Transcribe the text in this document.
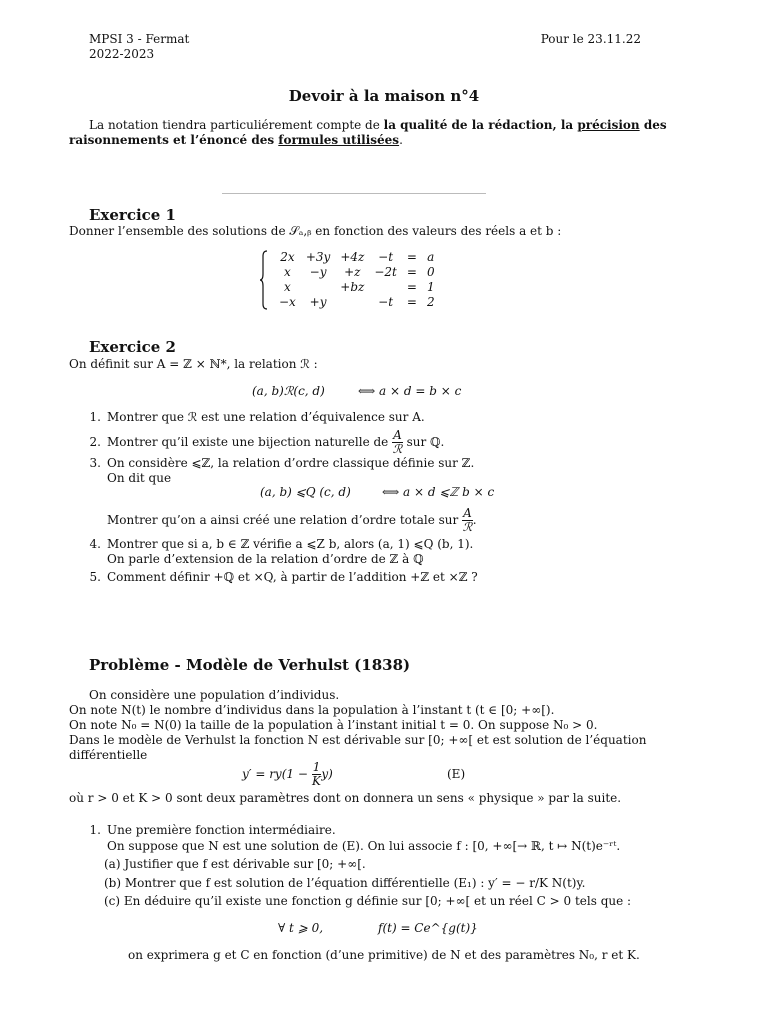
MPSI 3 - Fermat
2022-2023
Pour le 23.11.22
Devoir à la maison n°4
La notation tiendra particuliérement compte de la qualité de la rédaction, la précision des
raisonnements et l’énoncé des formules utilisées.
Exercice 1
Donner l’ensemble des solutions de 𝒮ₐ,ᵦ en fonction des valeurs des réels a et b :
2x	+3y	+4z	−t	=	a
x	−y	+z	−2t	=	0
x		+bz		=	1
−x	+y		−t	=	2
Exercice 2
On définit sur A = ℤ × ℕ*, la relation ℛ :
(a, b)ℛ(c, d)	⟺ a × d = b × c
1. Montrer que ℛ est une relation d’équivalence sur A.
2. Montrer qu’il existe une bijection naturelle de $\frac{A}{\text{ℛ}}$ sur ℚ.
3. On considère ⩽ℤ, la relation d’ordre classique définie sur ℤ.
On dit que
(a, b) ⩽Q (c, d)	⟺ a × d ⩽ℤ b × c
Montrer qu’on a ainsi créé une relation d’ordre totale sur $\frac{A}{\text{ℛ}}$ .
4. Montrer que si a, b ∈ ℤ vérifie a ⩽Z b, alors (a, 1) ⩽Q (b, 1).
On parle d’extension de la relation d’ordre de ℤ à ℚ
5. Comment définir +ℚ et ×Q, à partir de l’addition +ℤ et ×ℤ ?
Problème - Modèle de Verhulst (1838)
On considère une population d’individus.
On note N(t) le nombre d’individus dans la population à l’instant t (t ∈ [0; +∞[).
On note N₀ = N(0) la taille de la population à l’instant initial t = 0. On suppose N₀ > 0.
Dans le modèle de Verhulst la fonction N est dérivable sur [0; +∞[ et est solution de l’équation
différentielle
$y' = ry(1 - \frac{1}{K} y)$	(E)
où r > 0 et K > 0 sont deux paramètres dont on donnera un sens « physique » par la suite.
1. Une première fonction intermédiaire.
On suppose que N est une solution de (E). On lui associe f : [0, +∞[→ ℝ, t ↦ N(t)e⁻ʳᵗ.
(a) Justifier que f est dérivable sur [0; +∞[.
(b) Montrer que f est solution de l’équation différentielle (E₁) : y′ = − r/K N(t)y.
(c) En déduire qu’il existe une fonction g définie sur [0; +∞[ et un réel C > 0 tels que :
∀ t ⩾ 0,	f(t) = Ce^{g(t)}
on exprimera g et C en fonction (d’une primitive) de N et des paramètres N₀, r et K.
